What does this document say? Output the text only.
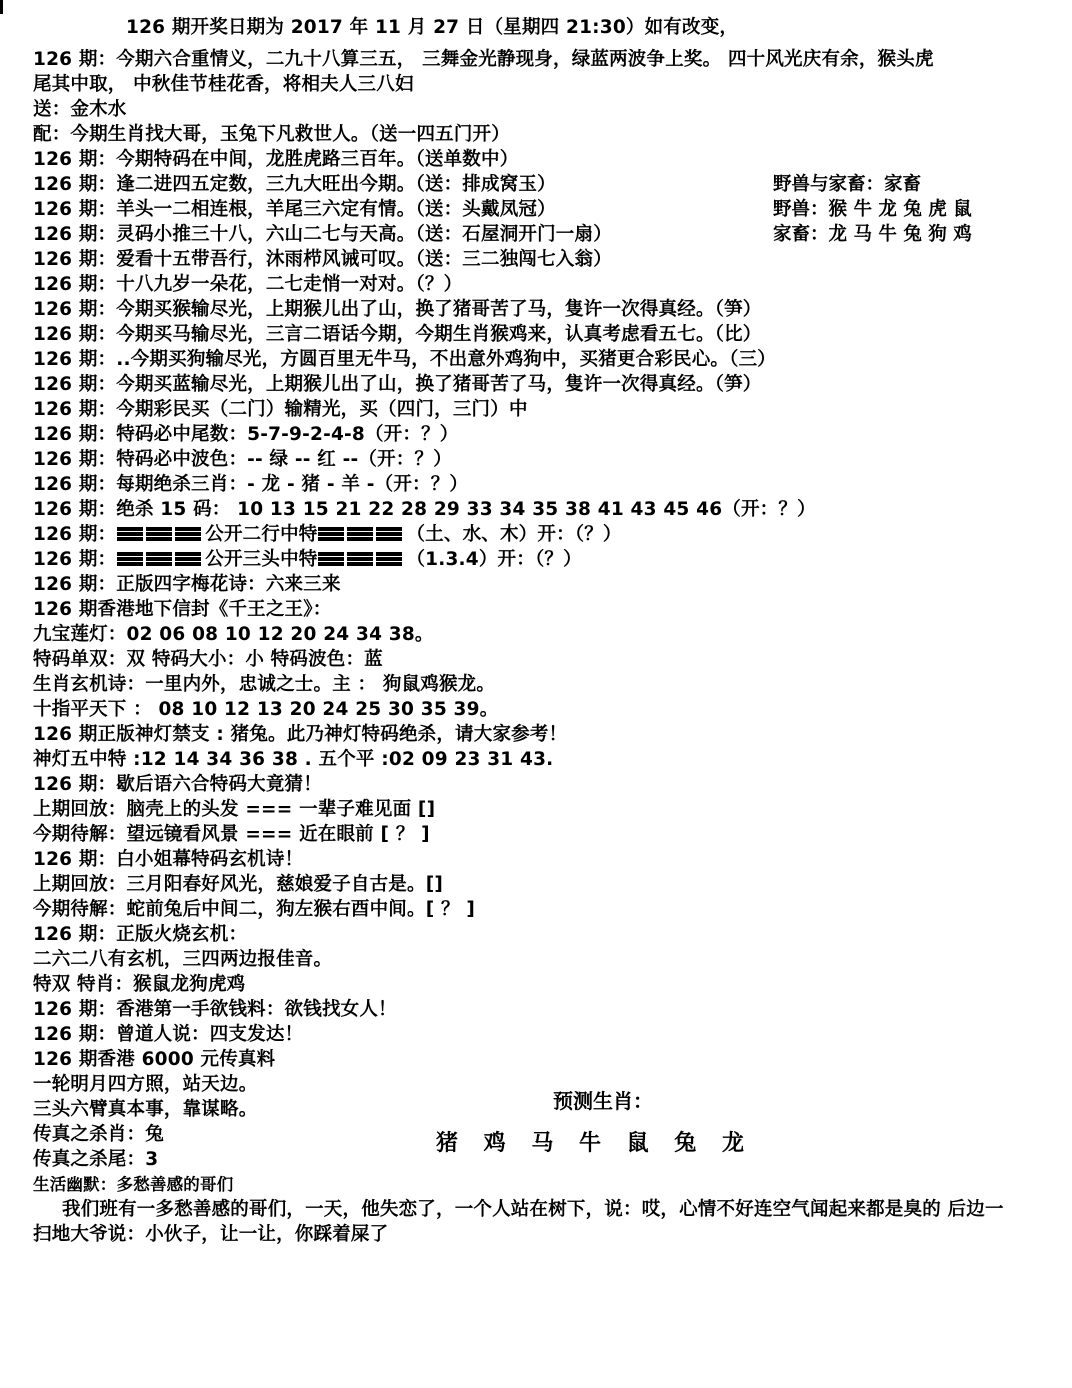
126 期开奖日期为 2017 年 11 月 27 日（星期四 21:30）如有改变，
126 期：今期六合重情义，二九十八算三五， 三舞金光静现身，绿蓝两波争上奖。 四十风光庆有余，猴头虎
尾其中取， 中秋佳节桂花香，将相夫人三八妇
送：金木水
配：今期生肖找大哥，玉兔下凡救世人。（送一四五门开）
126 期：今期特码在中间，龙胜虎路三百年。（送单数中）
126 期：逢二进四五定数，三九大旺出今期。（送：排成窝玉）
126 期：羊头一二相连根，羊尾三六定有情。（送：头戴凤冠）
126 期：灵码小推三十八，六山二七与天高。（送：石屋洞开门一扇）
126 期：爱看十五带吾行，沐雨栉风诫可叹。（送：三二独闯七入翁）
126 期：十八九岁一朵花，二七走悄一对对。（？）
126 期：今期买猴输尽光，上期猴儿出了山，换了猪哥苦了马，隻许一次得真经。（笋）
126 期：今期买马输尽光，三言二语话今期，今期生肖猴鸡来，认真考虑看五七。（比）
126 期：..今期买狗输尽光，方圆百里无牛马，不出意外鸡狗中，买猪更合彩民心。（三）
126 期：今期买蓝输尽光，上期猴儿出了山，换了猪哥苦了马，隻许一次得真经。（笋）
126 期：今期彩民买（二门）输精光，买（四门，三门）中
126 期：特码必中尾数：5-7-9-2-4-8（开：？）
126 期：特码必中波色：-- 绿 -- 红 --（开：？）
126 期：每期绝杀三肖：- 龙 - 猪 - 羊 -（开：？）
126 期：绝杀 15 码： 10 13 15 21 22 28 29 33 34 35 38 41 43 45 46（开：？）
126 期：	公开二行中特	（土、水、木）开：（？）
126 期：	公开三头中特	（1.3.4）开：（？）
126 期：正版四字梅花诗：六来三来
126 期香港地下信封《千王之王》：
九宝莲灯：02 06 08 10 12 20 24 34 38。
特码单双：双 特码大小：小 特码波色：蓝
生肖玄机诗：一里内外，忠诚之士。主 ： 狗鼠鸡猴龙。
十指平天下 ： 08 10 12 13 20 24 25 30 35 39。
126 期正版神灯禁支 : 猪兔。此乃神灯特码绝杀，请大家参考！
神灯五中特 :12 14 34 36 38 . 五个平 :02 09 23 31 43.
126 期：歇后语六合特码大竟猜！
上期回放：脑壳上的头发 === 一辈子难见面 []
今期待解：望远镜看风景 === 近在眼前 [ ？ ]
126 期：白小姐幕特码玄机诗！
上期回放：三月阳春好风光，慈娘爱子自古是。[]
今期待解：蛇前兔后中间二，狗左猴右酉中间。[ ？ ]
126 期：正版火烧玄机：
二六二八有玄机，三四两边报佳音。
特双 特肖：猴鼠龙狗虎鸡
126 期：香港第一手欲钱料：欲钱找女人！
126 期：曾道人说：四支发达！
126 期香港 6000 元传真料
一轮明月四方照，站天边。
三头六臂真本事，靠谋略。
传真之杀肖：兔
传真之杀尾：3
野兽与家畜：家畜
野兽：猴 牛 龙 兔 虎 鼠
家畜：龙 马 牛 兔 狗 鸡
预测生肖：
猪 鸡 马 牛 鼠 兔 龙
生活幽默：多愁善感的哥们
我们班有一多愁善感的哥们，一天，他失恋了，一个人站在树下，说：哎，心情不好连空气闻起来都是臭的 后边一
扫地大爷说：小伙子，让一让，你踩着屎了
